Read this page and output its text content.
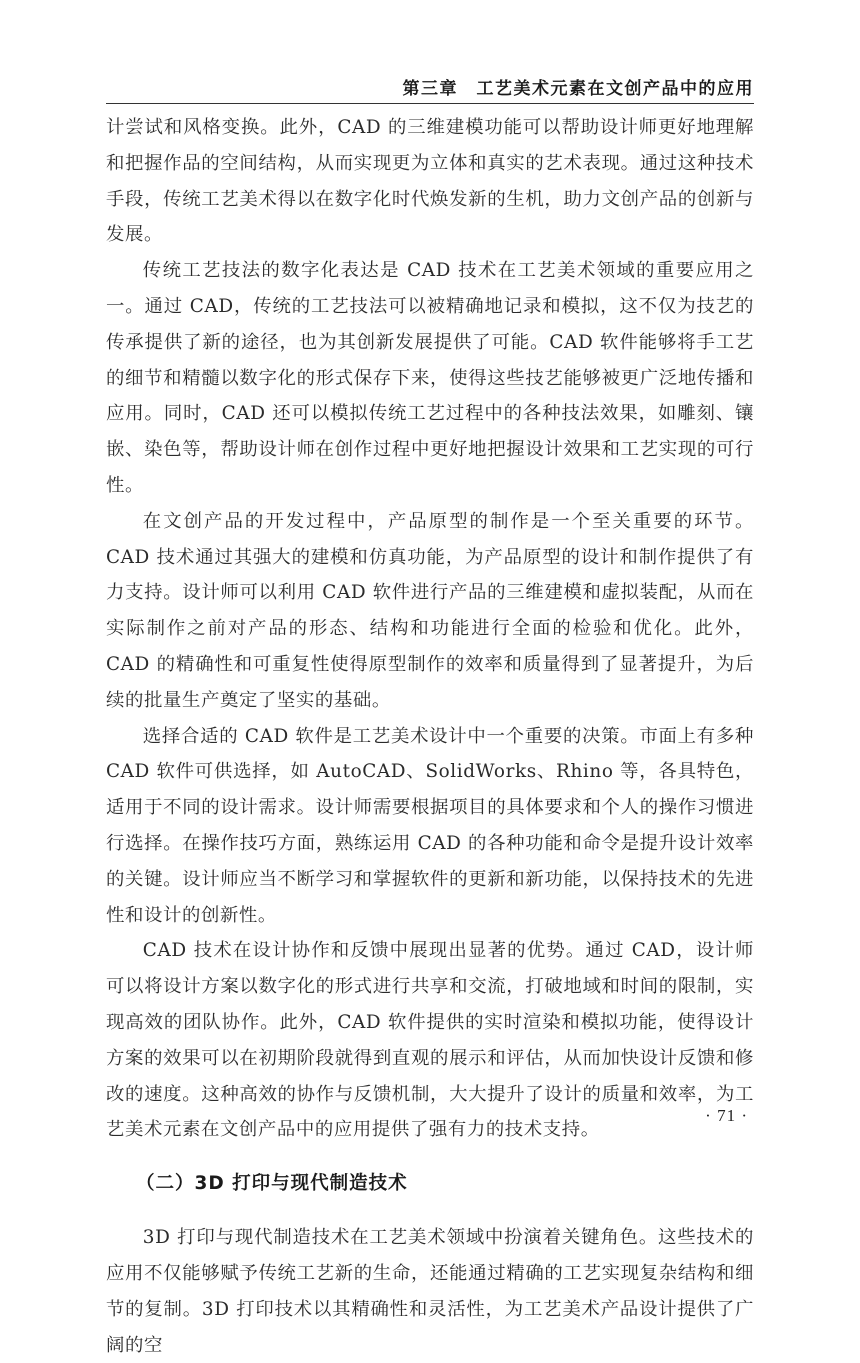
第三章　工艺美术元素在文创产品中的应用

计尝试和风格变换。此外，CAD 的三维建模功能可以帮助设计师更好地理解和把握作品的空间结构，从而实现更为立体和真实的艺术表现。通过这种技术手段，传统工艺美术得以在数字化时代焕发新的生机，助力文创产品的创新与发展。

传统工艺技法的数字化表达是 CAD 技术在工艺美术领域的重要应用之一。通过 CAD，传统的工艺技法可以被精确地记录和模拟，这不仅为技艺的传承提供了新的途径，也为其创新发展提供了可能。CAD 软件能够将手工艺的细节和精髓以数字化的形式保存下来，使得这些技艺能够被更广泛地传播和应用。同时，CAD 还可以模拟传统工艺过程中的各种技法效果，如雕刻、镶嵌、染色等，帮助设计师在创作过程中更好地把握设计效果和工艺实现的可行性。

在文创产品的开发过程中，产品原型的制作是一个至关重要的环节。CAD 技术通过其强大的建模和仿真功能，为产品原型的设计和制作提供了有力支持。设计师可以利用 CAD 软件进行产品的三维建模和虚拟装配，从而在实际制作之前对产品的形态、结构和功能进行全面的检验和优化。此外，CAD 的精确性和可重复性使得原型制作的效率和质量得到了显著提升，为后续的批量生产奠定了坚实的基础。

选择合适的 CAD 软件是工艺美术设计中一个重要的决策。市面上有多种 CAD 软件可供选择，如 AutoCAD、SolidWorks、Rhino 等，各具特色，适用于不同的设计需求。设计师需要根据项目的具体要求和个人的操作习惯进行选择。在操作技巧方面，熟练运用 CAD 的各种功能和命令是提升设计效率的关键。设计师应当不断学习和掌握软件的更新和新功能，以保持技术的先进性和设计的创新性。

CAD 技术在设计协作和反馈中展现出显著的优势。通过 CAD，设计师可以将设计方案以数字化的形式进行共享和交流，打破地域和时间的限制，实现高效的团队协作。此外，CAD 软件提供的实时渲染和模拟功能，使得设计方案的效果可以在初期阶段就得到直观的展示和评估，从而加快设计反馈和修改的速度。这种高效的协作与反馈机制，大大提升了设计的质量和效率，为工艺美术元素在文创产品中的应用提供了强有力的技术支持。

（二）3D 打印与现代制造技术

3D 打印与现代制造技术在工艺美术领域中扮演着关键角色。这些技术的应用不仅能够赋予传统工艺新的生命，还能通过精确的工艺实现复杂结构和细节的复制。3D 打印技术以其精确性和灵活性，为工艺美术产品设计提供了广阔的空

· 71 ·
